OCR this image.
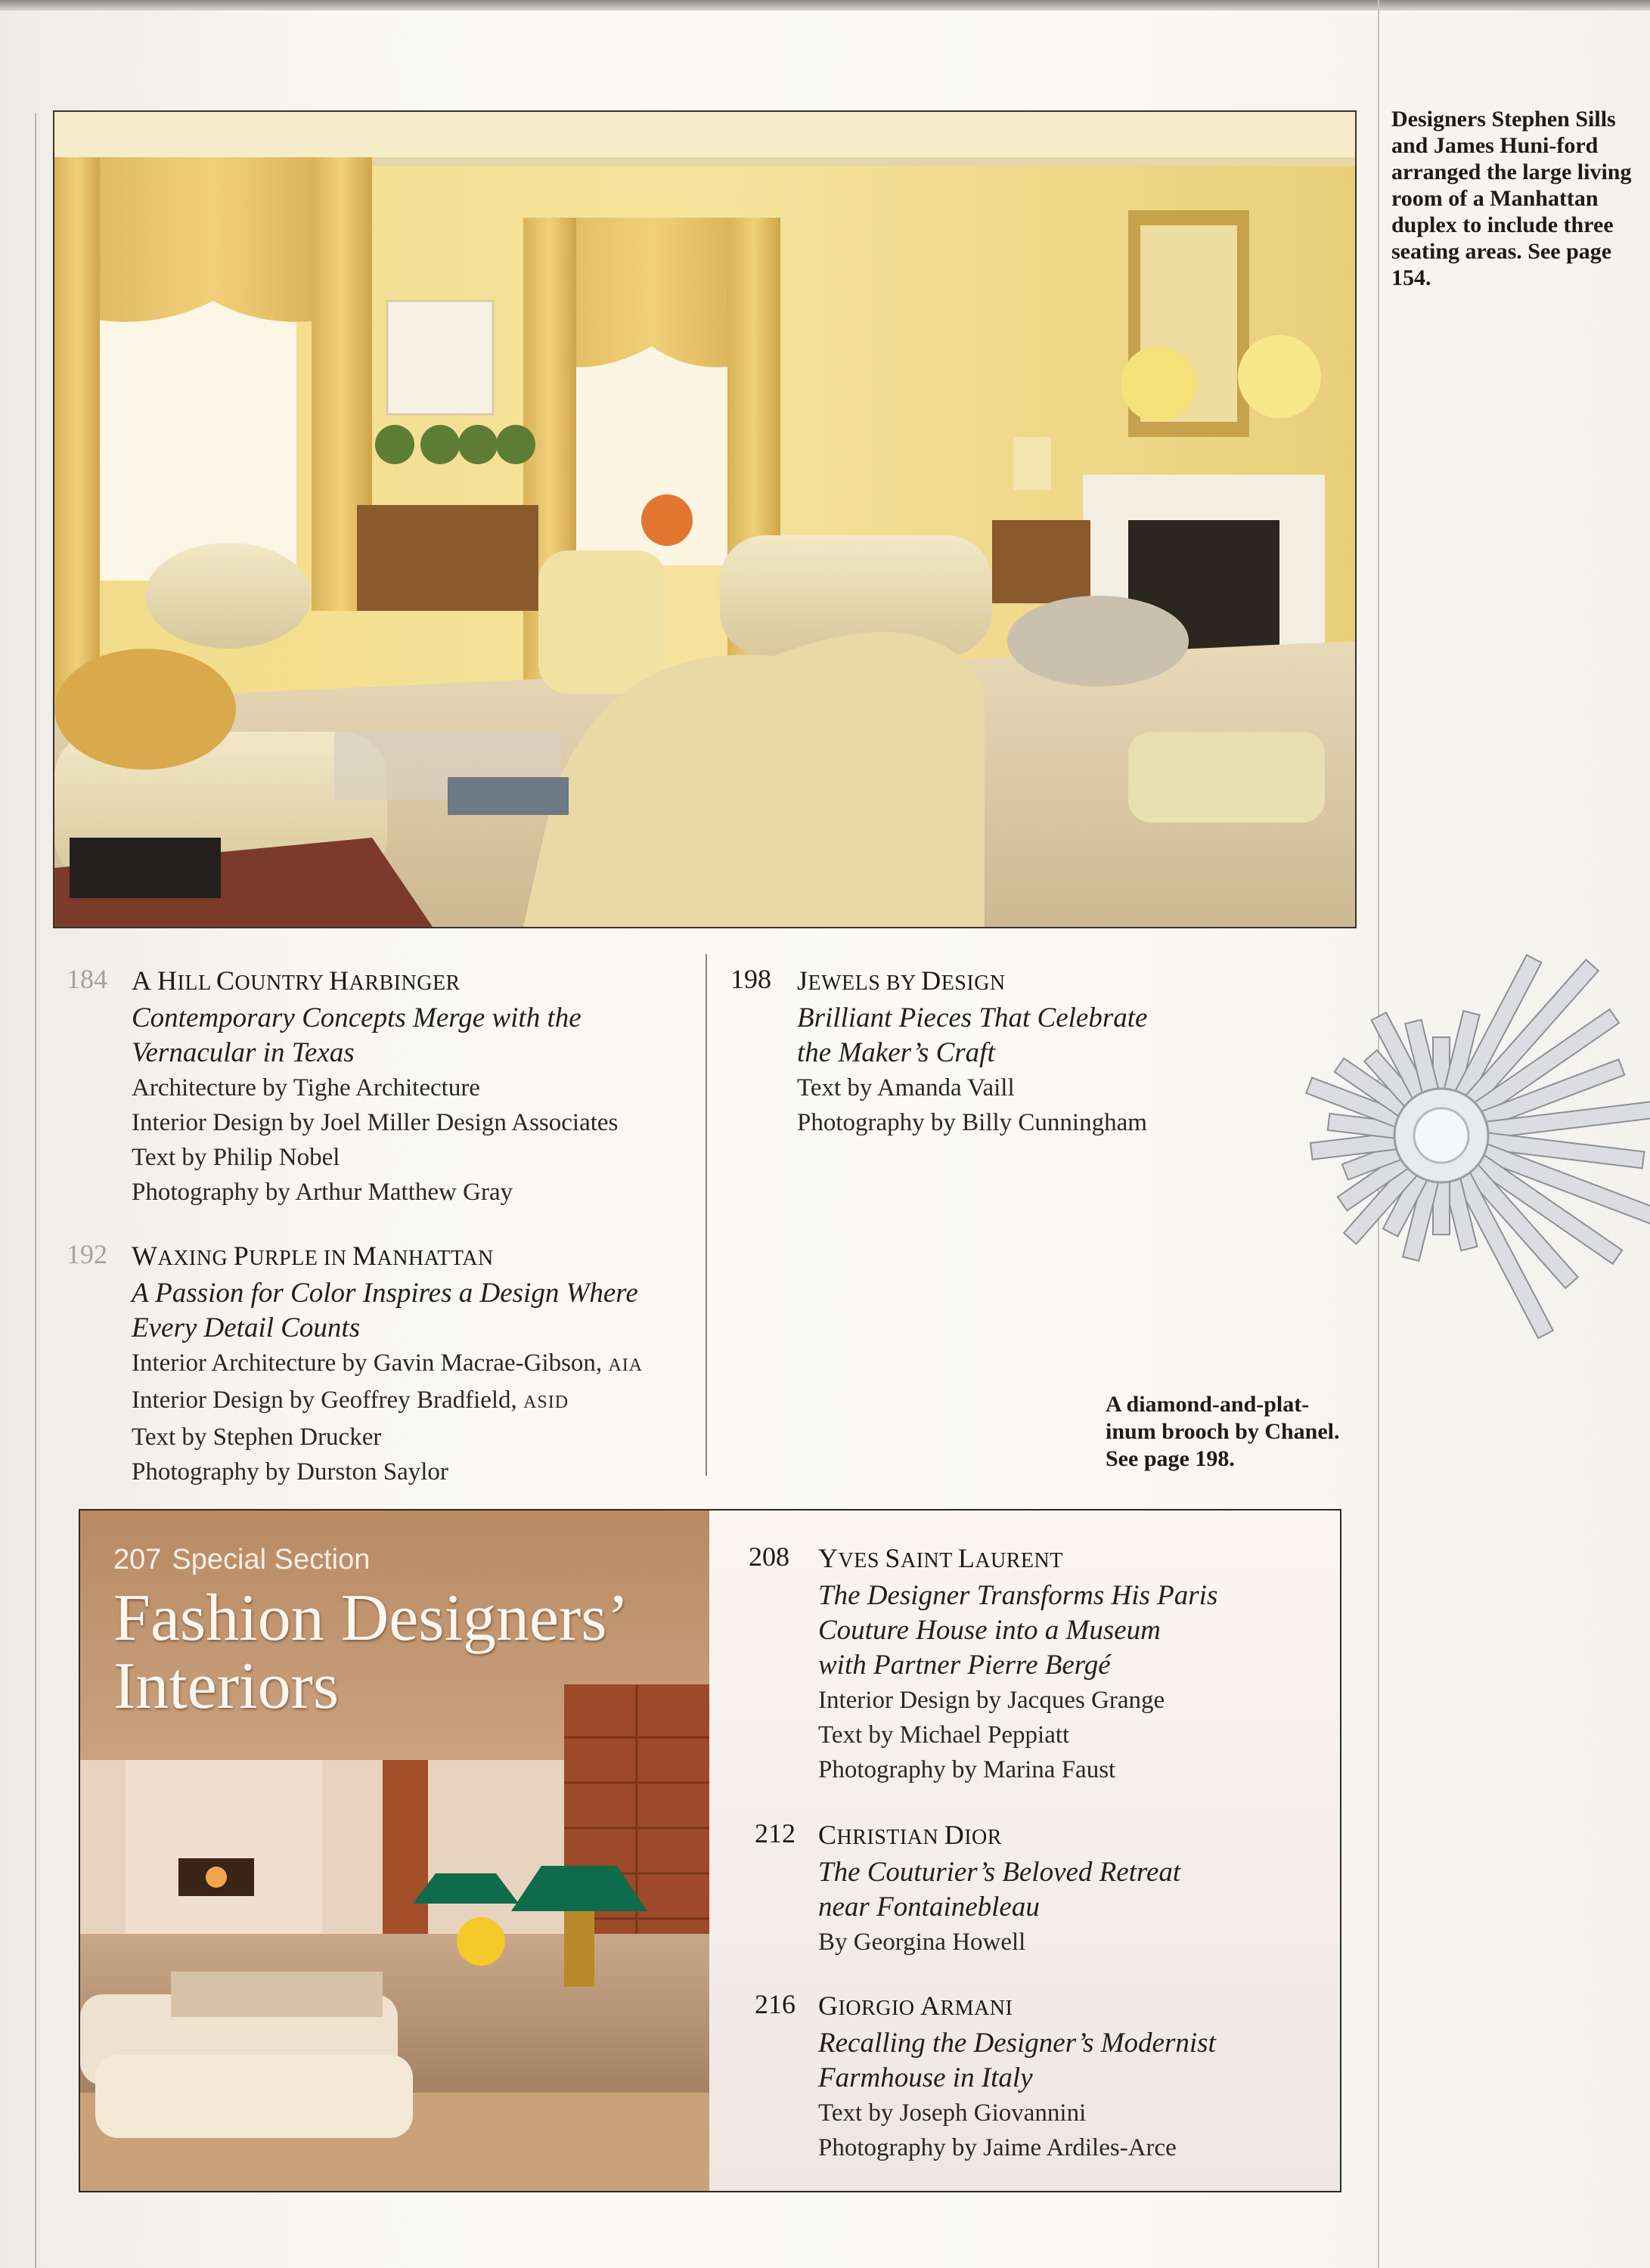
Designers Stephen Sills and James Huni-ford arranged the large living room of a Manhattan duplex to include three seating areas. See page 154.
A diamond-and-plat-inum brooch by Chanel. See page 198.
184 A HILL COUNTRY HARBINGER
Contemporary Concepts Merge with the
Vernacular in Texas
Architecture by Tighe Architecture
Interior Design by Joel Miller Design Associates
Text by Philip Nobel
Photography by Arthur Matthew Gray
192 WAXING PURPLE IN MANHATTAN
A Passion for Color Inspires a Design Where
Every Detail Counts
Interior Architecture by Gavin Macrae-Gibson, AIA
Interior Design by Geoffrey Bradfield, ASID
Text by Stephen Drucker
Photography by Durston Saylor
198 JEWELS BY DESIGN
Brilliant Pieces That Celebrate
the Maker’s Craft
Text by Amanda Vaill
Photography by Billy Cunningham
207 Special Section
Fashion Designers’
Interiors
208 YVES SAINT LAURENT
The Designer Transforms His Paris
Couture House into a Museum
with Partner Pierre Bergé
Interior Design by Jacques Grange
Text by Michael Peppiatt
Photography by Marina Faust
212 CHRISTIAN DIOR
The Couturier’s Beloved Retreat
near Fontainebleau
By Georgina Howell
216 GIORGIO ARMANI
Recalling the Designer’s Modernist
Farmhouse in Italy
Text by Joseph Giovannini
Photography by Jaime Ardiles-Arce
